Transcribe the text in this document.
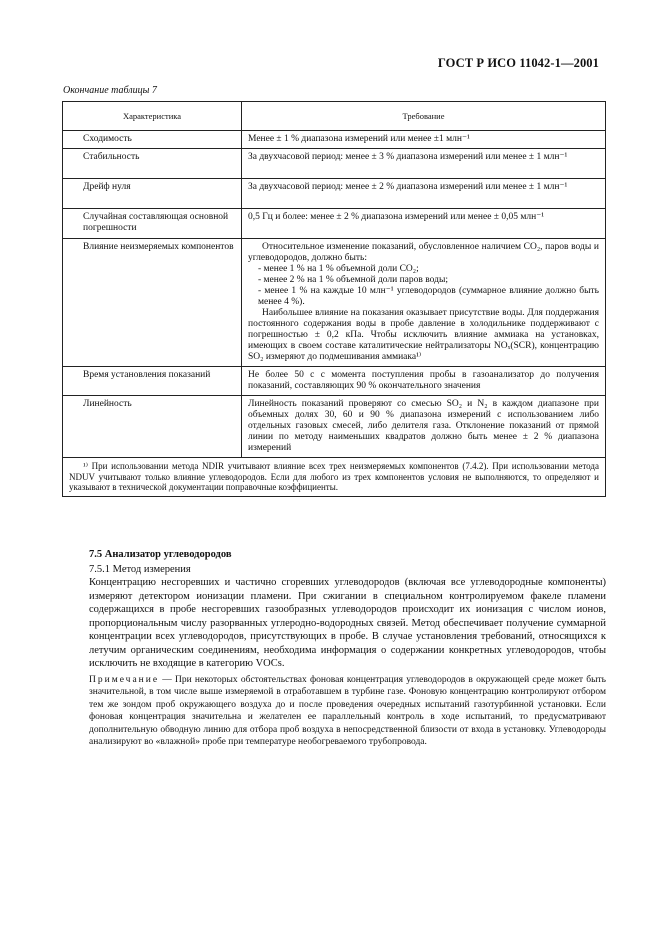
ГОСТ Р ИСО 11042-1—2001
Окончание таблицы 7
Характеристика	Требование
Сходимость	Менее ± 1 % диапазона измерений или менее ±1 млн⁻¹
Стабильность	За двухчасовой период: менее ± 3 % диапазона измерений или менее ± 1 млн⁻¹
Дрейф нуля	За двухчасовой период: менее ± 2 % диапазона измерений или менее ± 1 млн⁻¹
Случайная составляющая основной погрешности	0,5 Гц и более: менее ± 2 % диапазона измерений или менее ± 0,05 млн⁻¹
Влияние неизмеряемых компонентов	Относительное изменение показаний, обусловленное наличием CO₂, паров воды и углеводородов, должно быть:
- менее 1 % на 1 % объемной доли CO₂;
- менее 2 % на 1 % объемной доли паров воды;
- менее 1 % на каждые 10 млн⁻¹ углеводородов (суммарное влияние должно быть менее 4 %).
Наибольшее влияние на показания оказывает присутствие воды. Для поддержания постоянного содержания воды в пробе давление в холодильнике поддерживают с погрешностью ± 0,2 кПа. Чтобы исключить влияние аммиака на установках, имеющих в своем составе каталитические нейтрализаторы NOₓ(SCR), концентрацию SO₂ измеряют до подмешивания аммиака¹⁾

Время установления показаний	Не более 50 с с момента поступления пробы в газоанализатор до получения показаний, составляющих 90 % окончательного значения
Линейность	Линейность показаний проверяют со смесью SO₂ и N₂ в каждом диапазоне при объемных долях 30, 60 и 90 % диапазона измерений с использованием либо отдельных газовых смесей, либо делителя газа. Отклонение показаний от прямой линии по методу наименьших квадратов должно быть менее ± 2 % диапазона измерений

¹⁾ При использовании метода NDIR учитывают влияние всех трех неизмеряемых компонентов (7.4.2). При использовании метода NDUV учитывают только влияние углеводородов. Если для любого из трех компонентов условия не выполняются, то определяют и указывают в технической документации поправочные коэффициенты.	
7.5 Анализатор углеводородов
7.5.1 Метод измерения
Концентрацию несгоревших и частично сгоревших углеводородов (включая все углеводородные компоненты) измеряют детектором ионизации пламени. При сжигании в специальном контролируемом факеле пламени содержащихся в пробе несгоревших газообразных углеводородов происходит их ионизация с числом ионов, пропорциональным числу разорванных углеродно-водородных связей. Метод обеспечивает получение суммарной концентрации всех углеводородов, присутствующих в пробе. В случае установления требований, относящихся к летучим органическим соединениям, необходима информация о содержании конкретных углеводородов, чтобы исключить не входящие в категорию VOCs.
Примечание — При некоторых обстоятельствах фоновая концентрация углеводородов в окружающей среде может быть значительной, в том числе выше измеряемой в отработавшем в турбине газе. Фоновую концентрацию контролируют отбором тем же зондом проб окружающего воздуха до и после проведения очередных испытаний газотурбинной установки. Если фоновая концентрация значительна и желателен ее параллельный контроль в ходе испытаний, то предусматривают дополнительную обводную линию для отбора проб воздуха в непосредственной близости от входа в установку. Углеводороды анализируют во «влажной» пробе при температуре необогреваемого трубопровода.
